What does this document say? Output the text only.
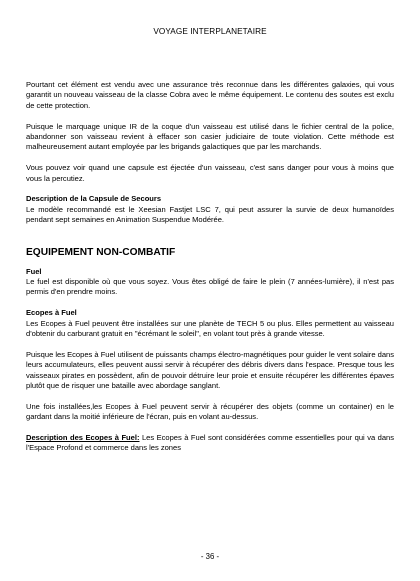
VOYAGE INTERPLANETAIRE

Pourtant cet élément est vendu avec une assurance très reconnue dans les différentes galaxies, qui vous garantit un nouveau vaisseau de la classe Cobra avec le même équipement. Le contenu des soutes est exclu de cette protection.

Puisque le marquage unique IR de la coque d'un vaisseau est utilisé dans le fichier central de la police, abandonner son vaisseau revient à effacer son casier judiciaire de toute violation. Cette méthode est malheureusement autant employée par les brigands galactiques que par les marchands.

Vous pouvez voir quand une capsule est éjectée d'un vaisseau, c'est sans danger pour vous à moins que vous la percutiez.

Description de la Capsule de Secours

Le modèle recommandé est le Xeesian Fastjet LSC 7, qui peut assurer la survie de deux humanoïdes pendant sept semaines en Animation Suspendue Modérée.

EQUIPEMENT NON-COMBATIF

Fuel

Le fuel est disponible où que vous soyez. Vous êtes obligé de faire le plein (7 années-lumière), il n'est pas permis d'en prendre moins.

Ecopes à Fuel

Les Ecopes à Fuel peuvent être installées sur une planète de TECH 5 ou plus. Elles permettent au vaisseau d'obtenir du carburant gratuit en "écrémant le soleil", en volant tout près à grande vitesse.

Puisque les Ecopes à Fuel utilisent de puissants champs électro-magnétiques pour guider le vent solaire dans leurs accumulateurs, elles peuvent aussi servir à récupérer des débris divers dans l'espace. Presque tous les vaisseaux pirates en possèdent, afin de pouvoir détruire leur proie et ensuite récupérer les différentes épaves plutôt que de risquer une bataille avec abordage sanglant.

Une fois installées,les Ecopes à Fuel peuvent servir à récupérer des objets (comme un container) en le gardant dans la moitié inférieure de l'écran, puis en volant au-dessus.

Description des Ecopes à Fuel: Les Ecopes à Fuel sont considérées comme essentielles pour qui va dans l'Espace Profond et commerce dans les zones

- 36 -
